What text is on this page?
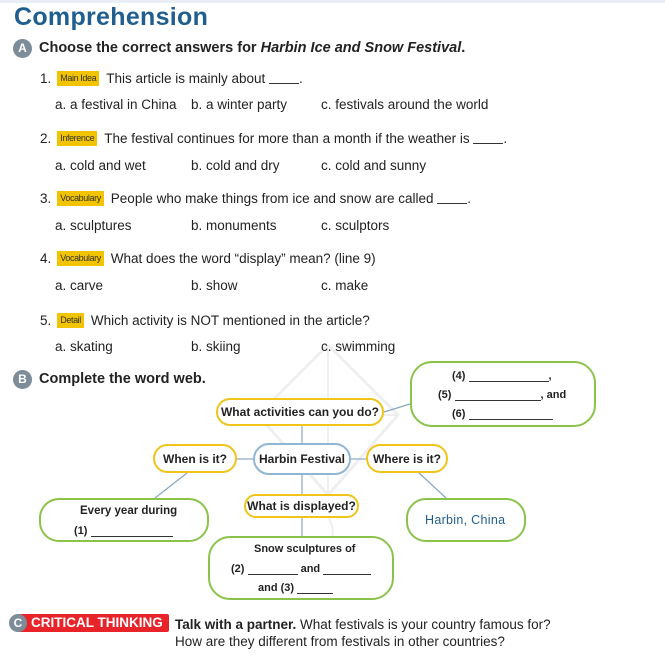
Comprehension
A Choose the correct answers for Harbin Ice and Snow Festival.
1.	Main Idea This article is mainly about
	.
a. a festival in China b. a winter party	c. festivals around the world
2.	Inference The festival continues for more than a month if the weather is
	.
a. cold and wet	b. cold and dry	c. cold and sunny
3.	Vocabulary People who make things from ice and snow are called
	.
a. sculptures	b. monuments	c. sculptors
4.	Vocabulary What does the word “display” mean? (line 9)
a. carve	b. show	c. make
5.	Detail Which activity is NOT mentioned in the article?
a. skating	b. skiing	c. swimming
B Complete the word web.
What activities can you do?
When is it?	Harbin Festival	Where is it?
What is displayed?
(4)	,
(5)	, and
(6)
Every year during
(1)
Harbin, China
Snow sculptures of
(2)	and
and (3)
C CRITICAL THINKING Talk with a partner. What festivals is your country famous for?
How are they different from festivals in other countries?
